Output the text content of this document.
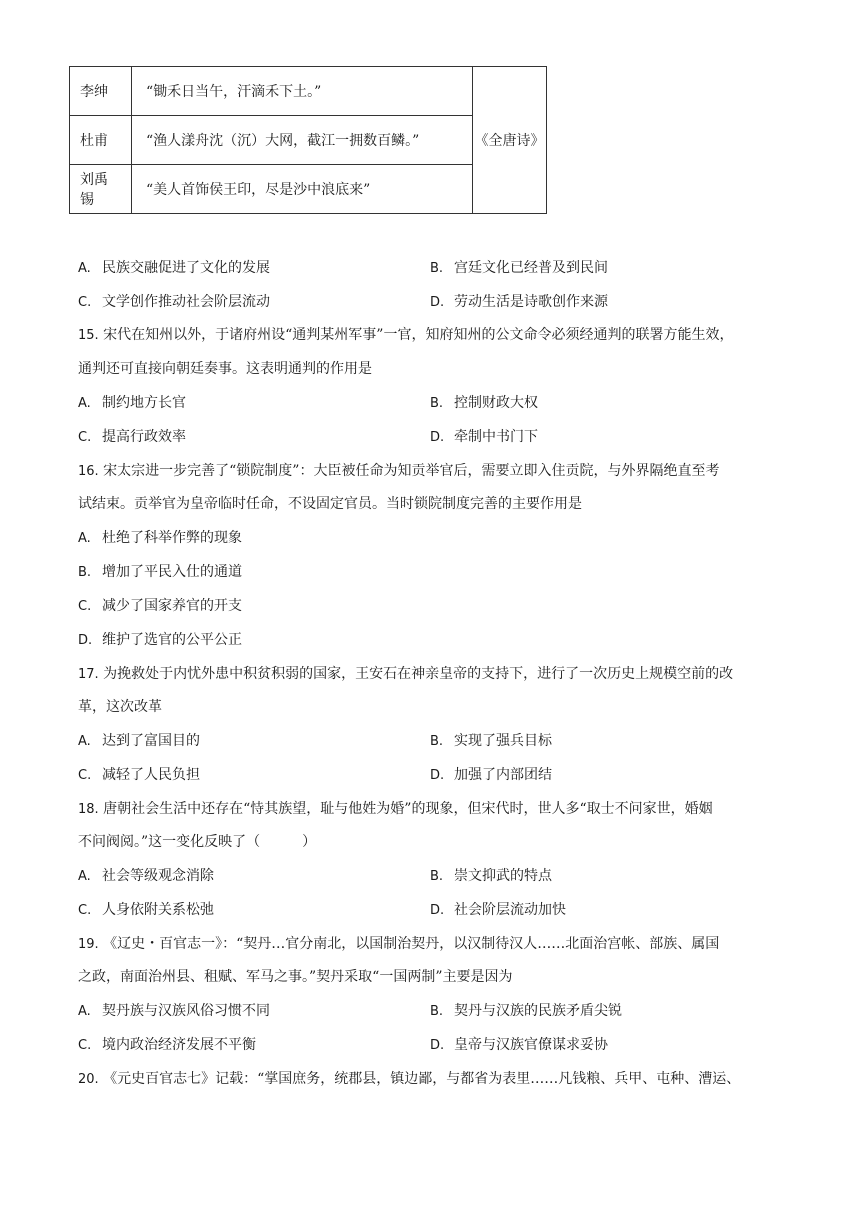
李绅	“锄禾日当午，汗滴禾下土。”	《全唐诗》
杜甫	“渔人漾舟沈（沉）大网，截江一拥数百鳞。”	
刘禹锡	“美人首饰侯王印，尽是沙中浪底来”	
A. 民族交融促进了文化的发展	B. 宫廷文化已经普及到民间
C. 文学创作推动社会阶层流动	D. 劳动生活是诗歌创作来源
15. 宋代在知州以外，于诸府州设“通判某州军事”一官，知府知州的公文命令必须经通判的联署方能生效，
通判还可直接向朝廷奏事。这表明通判的作用是
A. 制约地方长官	B. 控制财政大权
C. 提高行政效率	D. 牵制中书门下
16. 宋太宗进一步完善了“锁院制度”：大臣被任命为知贡举官后，需要立即入住贡院，与外界隔绝直至考
试结束。贡举官为皇帝临时任命，不设固定官员。当时锁院制度完善的主要作用是
A. 杜绝了科举作弊的现象
B. 增加了平民入仕的通道
C. 减少了国家养官的开支
D. 维护了选官的公平公正
17. 为挽救处于内忧外患中积贫积弱的国家，王安石在神亲皇帝的支持下，进行了一次历史上规模空前的改
革，这次改革
A. 达到了富国目的	B. 实现了强兵目标
C. 减轻了人民负担	D. 加强了内部团结
18. 唐朝社会生活中还存在“恃其族望，耻与他姓为婚”的现象，但宋代时，世人多“取士不问家世，婚姻
不问阀阅。”这一变化反映了（　　　）
A. 社会等级观念消除	B. 崇文抑武的特点
C. 人身依附关系松弛	D. 社会阶层流动加快
19. 《辽史・百官志一》：“契丹…官分南北，以国制治契丹，以汉制待汉人……北面治宫帐、部族、属国
之政，南面治州县、租赋、军马之事。”契丹采取“一国两制”主要是因为
A. 契丹族与汉族风俗习惯不同	B. 契丹与汉族的民族矛盾尖锐
C. 境内政治经济发展不平衡	D. 皇帝与汉族官僚谋求妥协
20. 《元史百官志七》记载：“掌国庶务，统郡县，镇边鄙，与都省为表里……凡钱粮、兵甲、屯种、漕运、
